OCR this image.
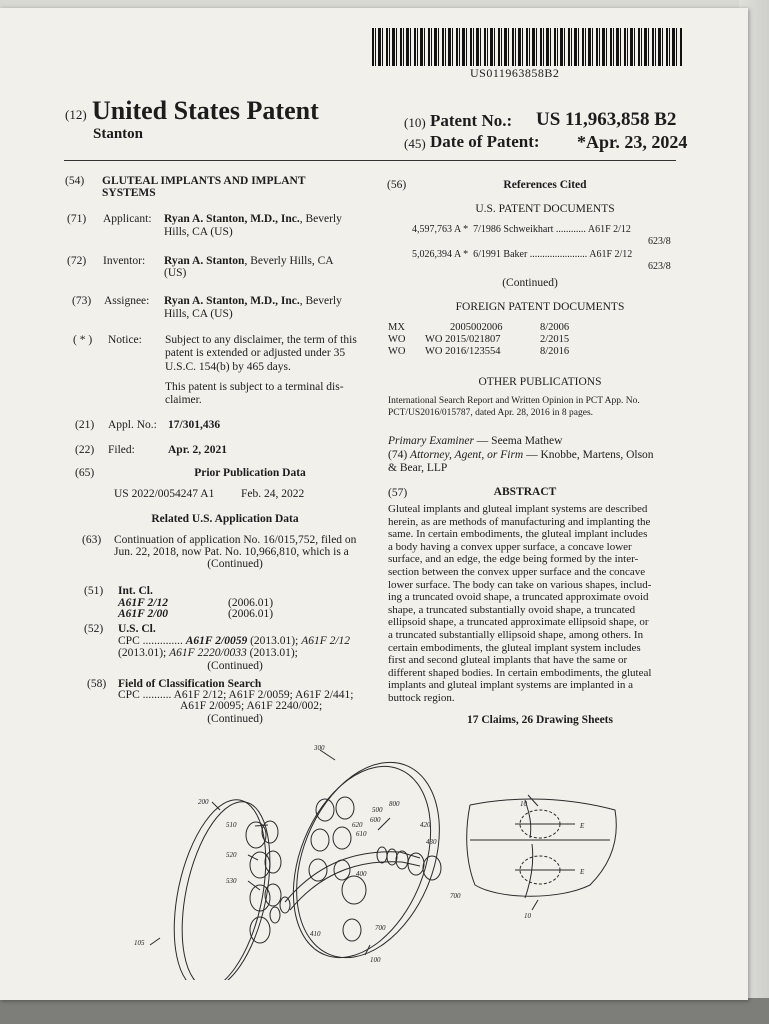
US011963858B2
(12) United States Patent
Stanton
(10) Patent No.: US 11,963,858 B2
(45) Date of Patent: *Apr. 23, 2024
(54) GLUTEAL IMPLANTS AND IMPLANT
SYSTEMS
(71) Applicant: Ryan A. Stanton, M.D., Inc., Beverly
Hills, CA (US)
(72) Inventor: Ryan A. Stanton, Beverly Hills, CA
(US)
(73) Assignee: Ryan A. Stanton, M.D., Inc., Beverly
Hills, CA (US)
( * ) Notice: Subject to any disclaimer, the term of this
patent is extended or adjusted under 35
U.S.C. 154(b) by 465 days.
This patent is subject to a terminal dis-
claimer.
(21) Appl. No.: 17/301,436
(22) Filed:	Apr. 2, 2021
(65)	Prior Publication Data
US 2022/0054247 A1 Feb. 24, 2022
Related U.S. Application Data
(63) Continuation of application No. 16/015,752, filed on
Jun. 22, 2018, now Pat. No. 10,966,810, which is a
(Continued)
(51) Int. Cl.
A61F 2/12	(2006.01)
A61F 2/00	(2006.01)
(52) U.S. Cl.
CPC .............. A61F 2/0059 (2013.01); A61F 2/12
(2013.01); A61F 2220/0033 (2013.01);
(Continued)
(58) Field of Classification Search
CPC .......... A61F 2/12; A61F 2/0059; A61F 2/441;
A61F 2/0095; A61F 2240/002;
(Continued)
(56)	References Cited
U.S. PATENT DOCUMENTS
4,597,763 A * 7/1986 Schweikhart ............ A61F 2/12
623/8
5,026,394 A * 6/1991 Baker ....................... A61F 2/12
623/8
(Continued)
FOREIGN PATENT DOCUMENTS
MX	2005002006	8/2006
WO WO 2015/021807	2/2015
WO WO 2016/123554	8/2016
OTHER PUBLICATIONS
International Search Report and Written Opinion in PCT App. No.
PCT/US2016/015787, dated Apr. 28, 2016 in 8 pages.
Primary Examiner — Seema Mathew
(74) Attorney, Agent, or Firm — Knobbe, Martens, Olson
& Bear, LLP
(57)	ABSTRACT
Gluteal implants and gluteal implant systems are described
herein, as are methods of manufacturing and implanting the
same. In certain embodiments, the gluteal implant includes
a body having a convex upper surface, a concave lower
surface, and an edge, the edge being formed by the inter-
section between the convex upper surface and the concave
lower surface. The body can take on various shapes, includ-
ing a truncated ovoid shape, a truncated approximate ovoid
shape, a truncated substantially ovoid shape, a truncated
ellipsoid shape, a truncated approximate ellipsoid shape, or
a truncated substantially ellipsoid shape, among others. In
certain embodiments, the gluteal implant system includes
first and second gluteal implants that have the same or
different shaped bodies. In certain embodiments, the gluteal
implants and gluteal implant systems are implanted in a
buttock region.
17 Claims, 26 Drawing Sheets
300
200
510
520
530
500
800
600
620
610
420
430
400
700
700
410
100
105
10
10
E
E
